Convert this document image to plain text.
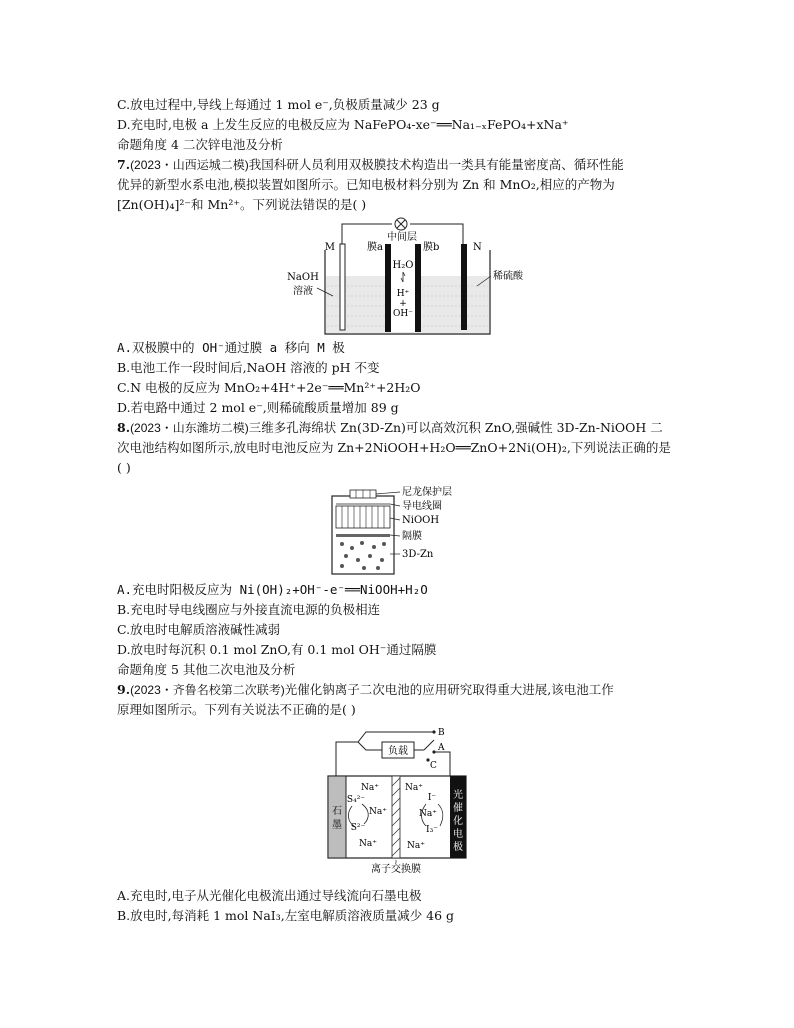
C.放电过程中,导线上每通过 1 mol e⁻,负极质量减少 23 g
D.充电时,电极 a 上发生反应的电极反应为 NaFePO₄-xe⁻══Na₁₋ₓFePO₄+xNa⁺
命题角度 4 二次锌电池及分析
7.(2023・山西运城二模)我国科研人员利用双极膜技术构造出一类具有能量密度高、循环性能
优异的新型水系电池,模拟装置如图所示。已知电极材料分别为 Zn 和 MnO₂,相应的产物为
[Zn(OH)₄]²⁻和 Mn²⁺。下列说法错误的是( )
M	N
膜a
中间层
膜b
H₂O
H⁺
+
OH⁻
NaOH
溶液
稀硫酸
A.双极膜中的 OH⁻通过膜 a 移向 M 极
B.电池工作一段时间后,NaOH 溶液的 pH 不变
C.N 电极的反应为 MnO₂+4H⁺+2e⁻══Mn²⁺+2H₂O
D.若电路中通过 2 mol e⁻,则稀硫酸质量增加 89 g
8.(2023・山东潍坊二模)三维多孔海绵状 Zn(3D-Zn)可以高效沉积 ZnO,强碱性 3D-Zn-NiOOH 二
次电池结构如图所示,放电时电池反应为 Zn+2NiOOH+H₂O══ZnO+2Ni(OH)₂,下列说法正确的是
( )
尼龙保护层
导电线圈
NiOOH
隔膜
3D-Zn
A.充电时阳极反应为 Ni(OH)₂+OH⁻-e⁻══NiOOH+H₂O
B.充电时导电线圈应与外接直流电源的负极相连
C.放电时电解质溶液碱性减弱
D.放电时每沉积 0.1 mol ZnO,有 0.1 mol OH⁻通过隔膜
命题角度 5 其他二次电池及分析
9.(2023・齐鲁名校第二次联考)光催化钠离子二次电池的应用研究取得重大进展,该电池工作
原理如图所示。下列有关说法不正确的是( )
负载
B
A
C
石
墨
光
催
化
电
极
Na⁺
S₄²⁻
Na⁺
S²⁻
Na⁺
Na⁺
I⁻
Na⁺
I₃⁻
Na⁺
离子交换膜
A.充电时,电子从光催化电极流出通过导线流向石墨电极
B.放电时,每消耗 1 mol NaI₃,左室电解质溶液质量减少 46 g
